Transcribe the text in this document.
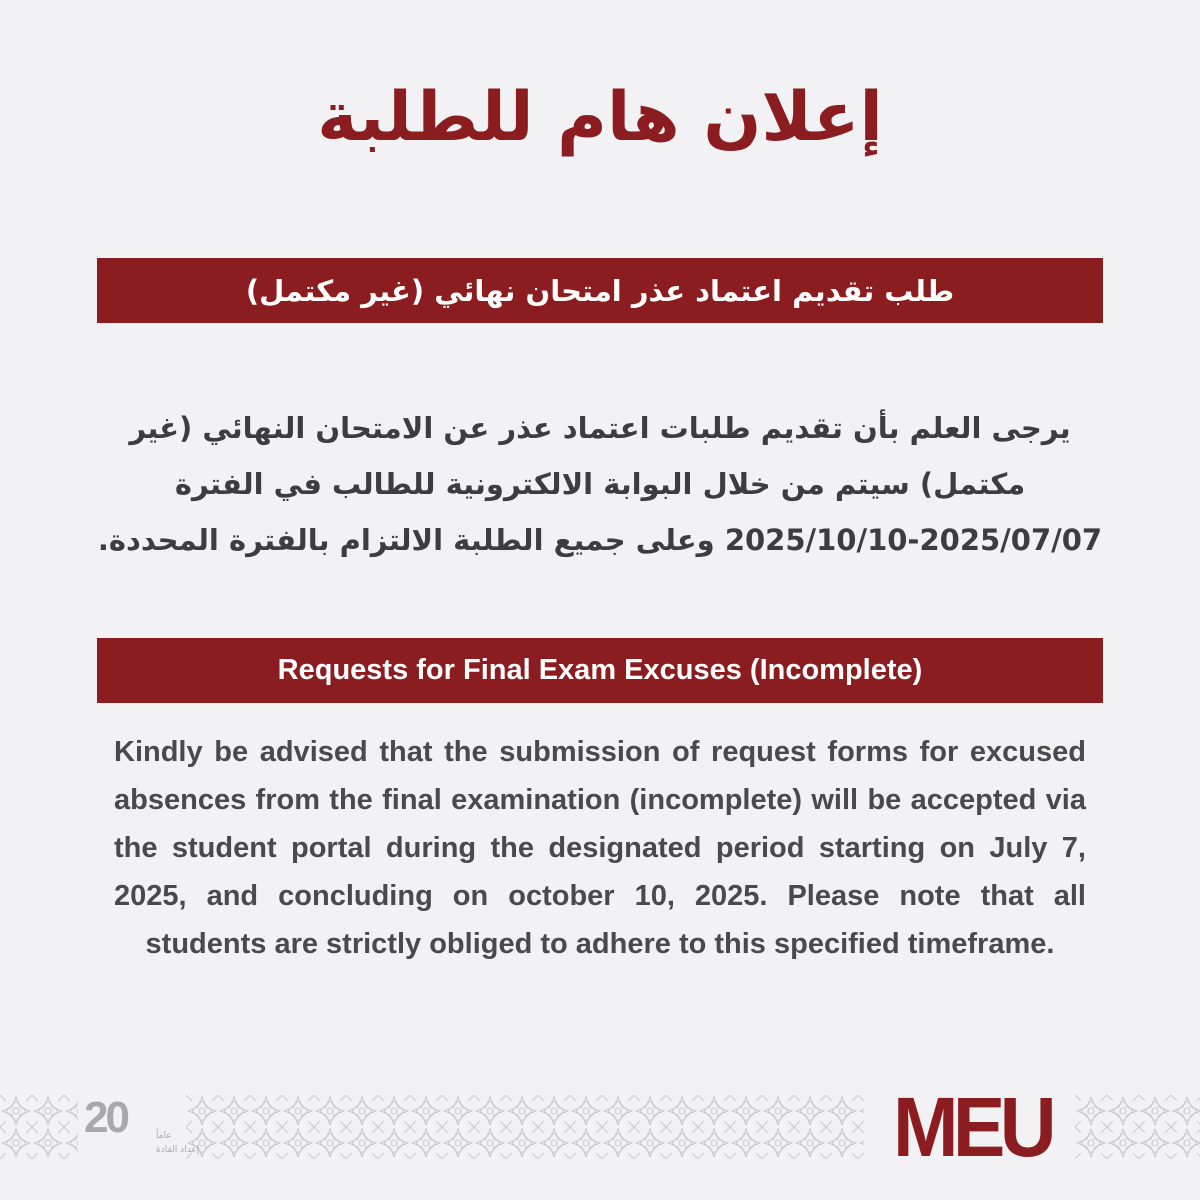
إعلان هام للطلبة
طلب تقديم اعتماد عذر امتحان نهائي (غير مكتمل)
يرجى العلم بأن تقديم طلبات اعتماد عذر عن الامتحان النهائي (غير مكتمل) سيتم من خلال البوابة الالكترونية للطالب في الفترة 2025/07/07-2025/10/10 وعلى جميع الطلبة الالتزام بالفترة المحددة.
Requests for Final Exam Excuses (Incomplete)
Kindly be advised that the submission of request forms for excused absences from the final examination (incomplete) will be accepted via the student portal during the designated period starting on July 7, 2025, and concluding on october 10, 2025. Please note that all students are strictly obliged to adhere to this specified timeframe.
20	عاماً
إعداد القادة	MEU
